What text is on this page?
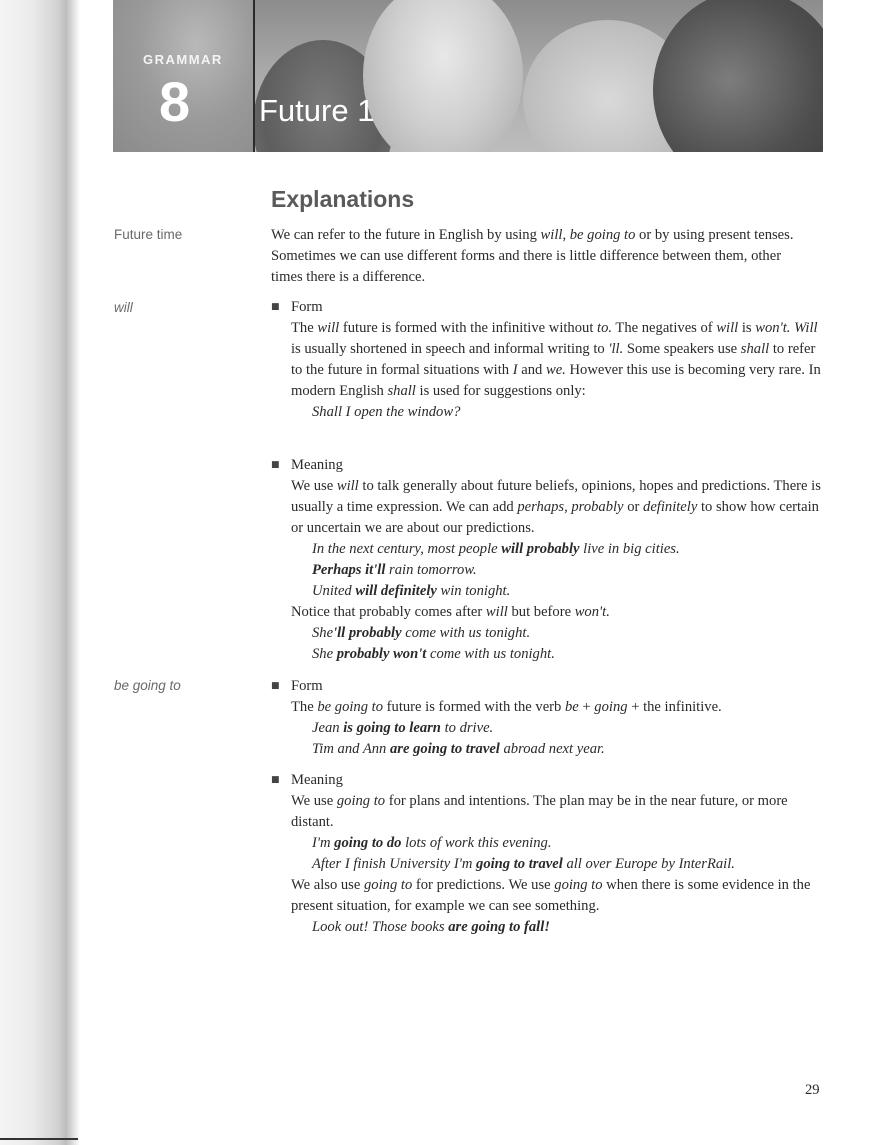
GRAMMAR
8 Future 1
Explanations
Future time
will
be going to
We can refer to the future in English by using will, be going to or by using present tenses. Sometimes we can use different forms and there is little difference between them, other times there is a difference.
■ Form
The will future is formed with the infinitive without to. The negatives of will is won't. Will is usually shortened in speech and informal writing to 'll. Some speakers use shall to refer to the future in formal situations with I and we. However this use is becoming very rare. In modern English shall is used for suggestions only:
Shall I open the window?
■ Meaning
We use will to talk generally about future beliefs, opinions, hopes and predictions. There is usually a time expression. We can add perhaps, probably or definitely to show how certain or uncertain we are about our predictions.
In the next century, most people will probably live in big cities.
Perhaps it'll rain tomorrow.
United will definitely win tonight.
Notice that probably comes after will but before won't.
She'll probably come with us tonight.
She probably won't come with us tonight.
■ Form
The be going to future is formed with the verb be + going + the infinitive.
Jean is going to learn to drive.
Tim and Ann are going to travel abroad next year.
■ Meaning
We use going to for plans and intentions. The plan may be in the near future, or more distant.
I'm going to do lots of work this evening.
After I finish University I'm going to travel all over Europe by InterRail.
We also use going to for predictions. We use going to when there is some evidence in the present situation, for example we can see something.
Look out! Those books are going to fall!
29
